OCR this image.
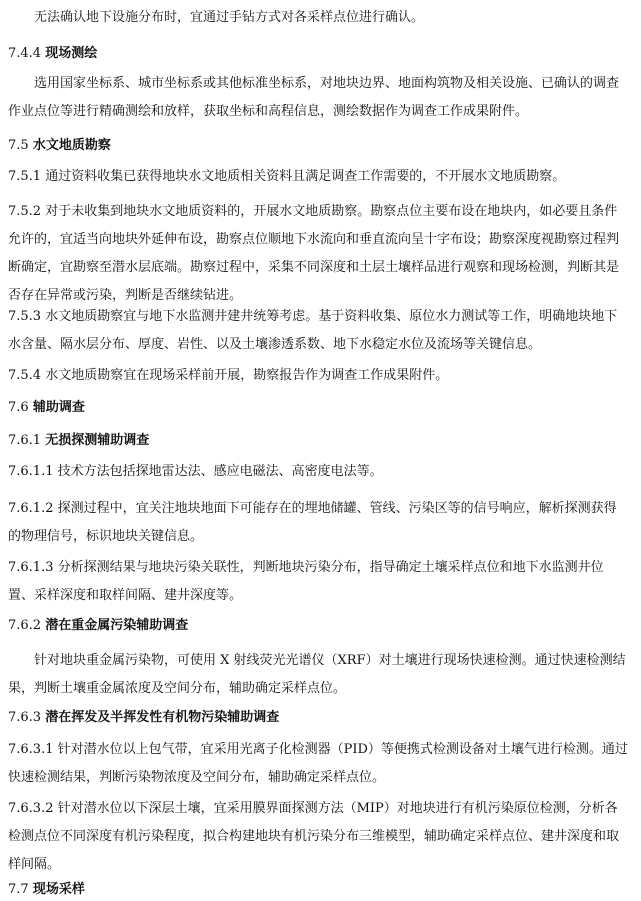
无法确认地下设施分布时，宜通过手钻方式对各采样点位进行确认。
7.4.4 现场测绘
选用国家坐标系、城市坐标系或其他标准坐标系，对地块边界、地面构筑物及相关设施、已确认的调查作业点位等进行精确测绘和放样，获取坐标和高程信息，测绘数据作为调查工作成果附件。
7.5 水文地质勘察
7.5.1 通过资料收集已获得地块水文地质相关资料且满足调查工作需要的，不开展水文地质勘察。
7.5.2 对于未收集到地块水文地质资料的，开展水文地质勘察。勘察点位主要布设在地块内，如必要且条件允许的，宜适当向地块外延伸布设，勘察点位顺地下水流向和垂直流向呈十字布设；勘察深度视勘察过程判断确定，宜勘察至潜水层底端。勘察过程中，采集不同深度和土层土壤样品进行观察和现场检测，判断其是否存在异常或污染，判断是否继续钻进。
7.5.3 水文地质勘察宜与地下水监测井建井统筹考虑。基于资料收集、原位水力测试等工作，明确地块地下水含量、隔水层分布、厚度、岩性、以及土壤渗透系数、地下水稳定水位及流场等关键信息。
7.5.4 水文地质勘察宜在现场采样前开展，勘察报告作为调查工作成果附件。
7.6 辅助调查
7.6.1 无损探测辅助调查
7.6.1.1 技术方法包括探地雷达法、感应电磁法、高密度电法等。
7.6.1.2 探测过程中，宜关注地块地面下可能存在的埋地储罐、管线、污染区等的信号响应，解析探测获得的物理信号，标识地块关键信息。
7.6.1.3 分析探测结果与地块污染关联性，判断地块污染分布，指导确定土壤采样点位和地下水监测井位置、采样深度和取样间隔、建井深度等。
7.6.2 潜在重金属污染辅助调查
针对地块重金属污染物，可使用 X 射线荧光光谱仪（XRF）对土壤进行现场快速检测。通过快速检测结果，判断土壤重金属浓度及空间分布，辅助确定采样点位。
7.6.3 潜在挥发及半挥发性有机物污染辅助调查
7.6.3.1 针对潜水位以上包气带，宜采用光离子化检测器（PID）等便携式检测设备对土壤气进行检测。通过快速检测结果，判断污染物浓度及空间分布，辅助确定采样点位。
7.6.3.2 针对潜水位以下深层土壤，宜采用膜界面探测方法（MIP）对地块进行有机污染原位检测，分析各检测点位不同深度有机污染程度，拟合构建地块有机污染分布三维模型，辅助确定采样点位、建井深度和取样间隔。
7.7 现场采样
